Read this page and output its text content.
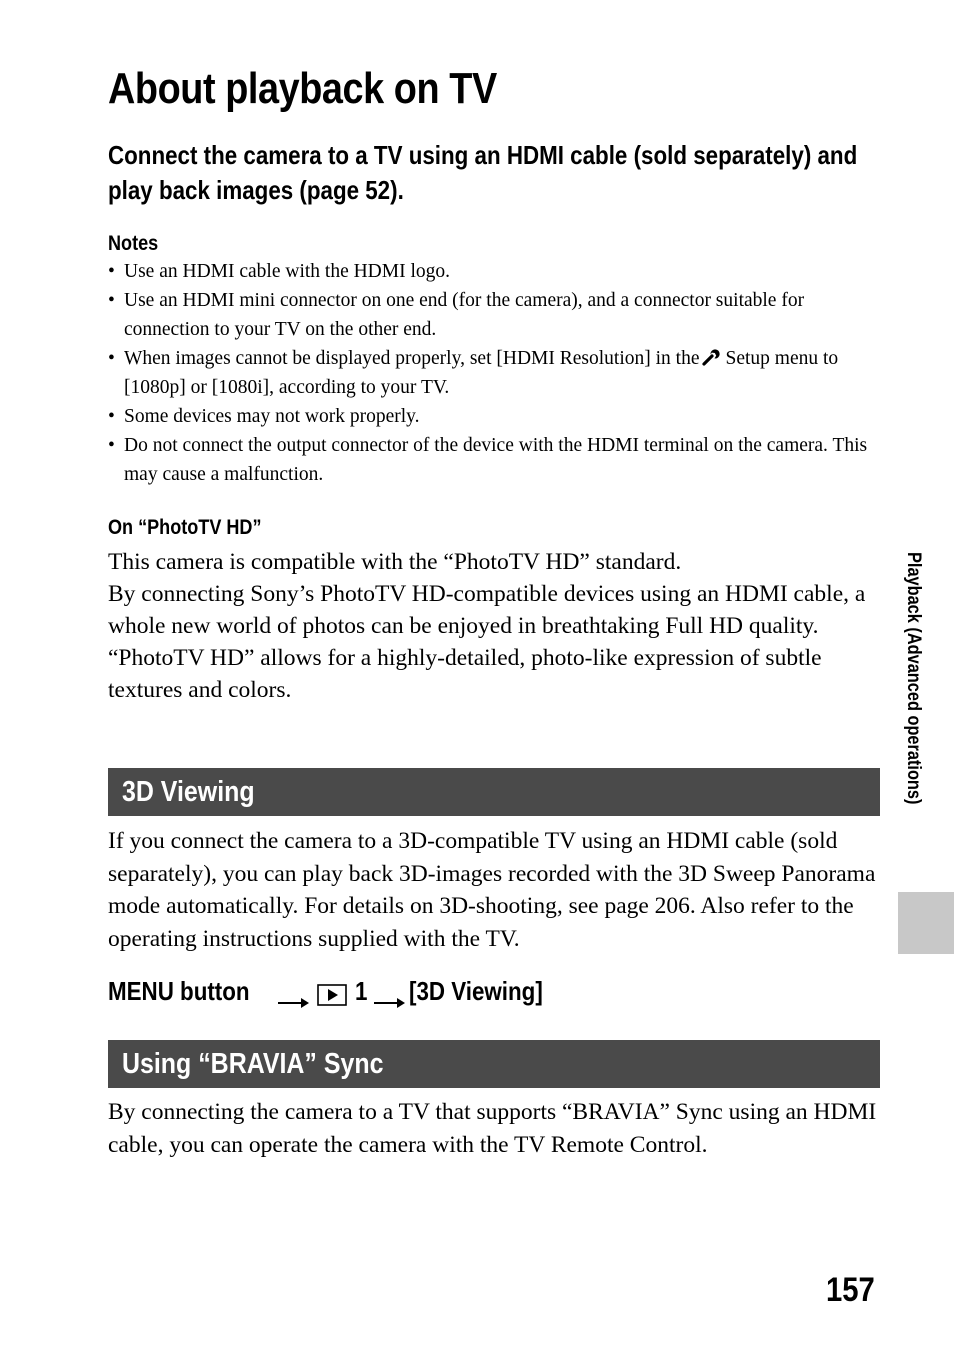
About playback on TV
Connect the camera to a TV using an HDMI cable (sold separately) and play back images (page 52).
Notes
• Use an HDMI cable with the HDMI logo.
• Use an HDMI mini connector on one end (for the camera), and a connector suitable for connection to your TV on the other end.
• When images cannot be displayed properly, set [HDMI Resolution] in the Setup menu to [1080p] or [1080i], according to your TV.
• Some devices may not work properly.
• Do not connect the output connector of the device with the HDMI terminal on the camera. This may cause a malfunction.
On “PhotoTV HD”

This camera is compatible with the “PhotoTV HD” standard.

By connecting Sony’s PhotoTV HD-compatible devices using an HDMI cable, a whole new world of photos can be enjoyed in breathtaking Full HD quality.

“PhotoTV HD” allows for a highly-detailed, photo-like expression of subtle textures and colors.

3D Viewing

If you connect the camera to a 3D-compatible TV using an HDMI cable (sold separately), you can play back 3D-images recorded with the 3D Sweep Panorama mode automatically. For details on 3D-shooting, see page 206. Also refer to the operating instructions supplied with the TV.

MENU button	1 [3D Viewing]
Using “BRAVIA” Sync

By connecting the camera to a TV that supports “BRAVIA” Sync using an HDMI cable, you can operate the camera with the TV Remote Control.

Playback (Advanced operations)
157
